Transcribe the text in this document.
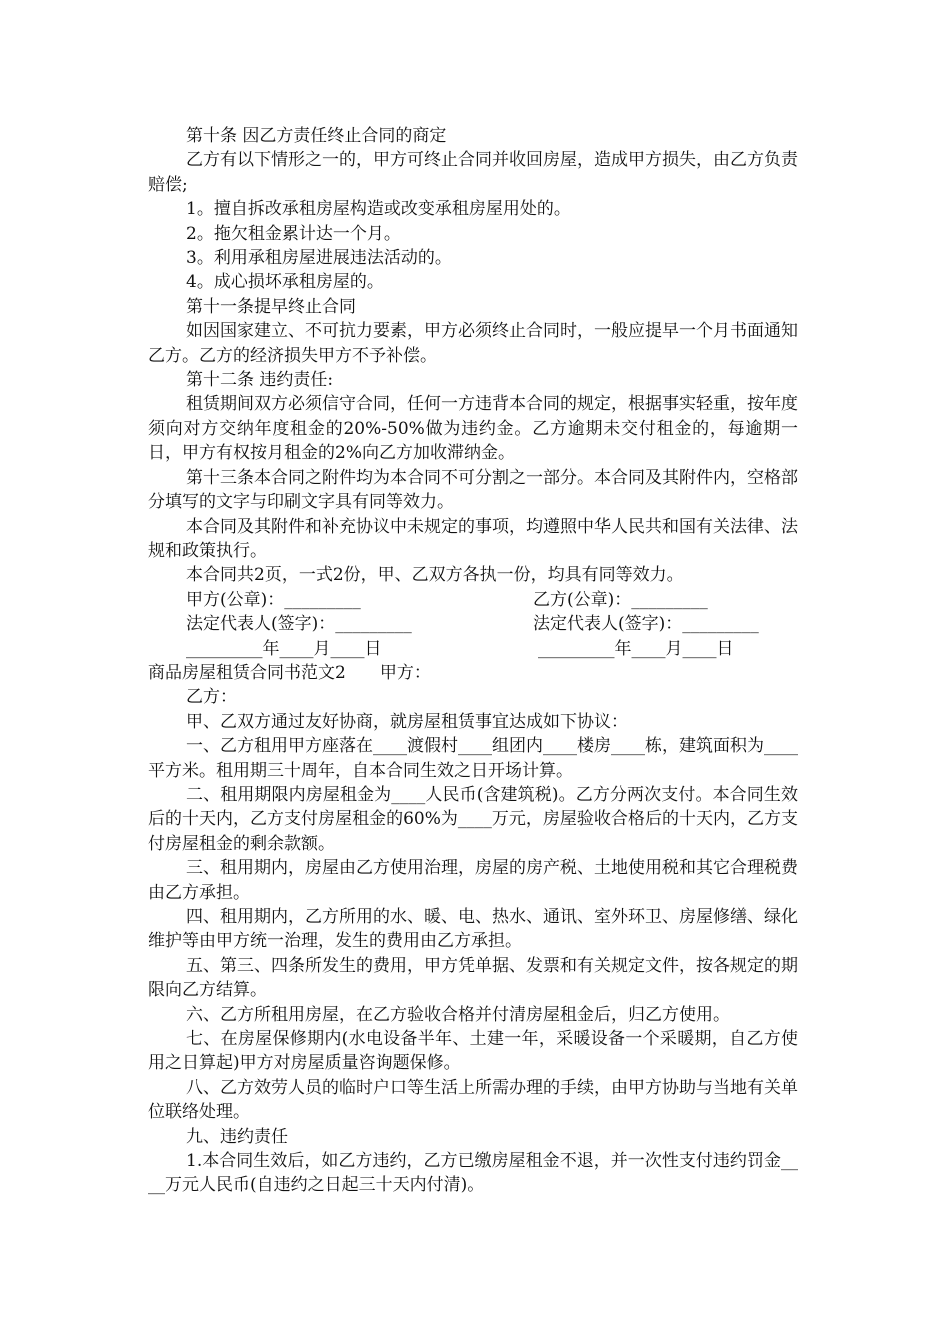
第十条 因乙方责任终止合同的商定

乙方有以下情形之一的，甲方可终止合同并收回房屋，造成甲方损失，由乙方负责赔偿;

1。擅自拆改承租房屋构造或改变承租房屋用处的。

2。拖欠租金累计达一个月。

3。利用承租房屋进展违法活动的。

4。成心损坏承租房屋的。

第十一条提早终止合同

如因国家建立、不可抗力要素，甲方必须终止合同时，一般应提早一个月书面通知乙方。乙方的经济损失甲方不予补偿。

第十二条 违约责任:

租赁期间双方必须信守合同，任何一方违背本合同的规定，根据事实轻重，按年度须向对方交纳年度租金的20%-50%做为违约金。乙方逾期未交付租金的，每逾期一日，甲方有权按月租金的2%向乙方加收滞纳金。

第十三条本合同之附件均为本合同不可分割之一部分。本合同及其附件内，空格部分填写的文字与印刷文字具有同等效力。

本合同及其附件和补充协议中未规定的事项，均遵照中华人民共和国有关法律、法规和政策执行。

本合同共2页，一式2份，甲、乙双方各执一份，均具有同等效力。

甲方(公章)：_________	乙方(公章)：_________
法定代表人(签字)：_________	法定代表人(签字)：_________
_________年____月____日	_________年____月____日

商品房屋租赁合同书范文2　　甲方：

乙方：

甲、乙双方通过友好协商，就房屋租赁事宜达成如下协议：

一、乙方租用甲方座落在____渡假村____组团内____楼房____栋，建筑面积为____平方米。租用期三十周年，自本合同生效之日开场计算。

二、租用期限内房屋租金为____人民币(含建筑税)。乙方分两次支付。本合同生效后的十天内，乙方支付房屋租金的60%为____万元，房屋验收合格后的十天内，乙方支付房屋租金的剩余款额。

三、租用期内，房屋由乙方使用治理，房屋的房产税、土地使用税和其它合理税费由乙方承担。

四、租用期内，乙方所用的水、暖、电、热水、通讯、室外环卫、房屋修缮、绿化维护等由甲方统一治理，发生的费用由乙方承担。

五、第三、四条所发生的费用，甲方凭单据、发票和有关规定文件，按各规定的期限向乙方结算。

六、乙方所租用房屋，在乙方验收合格并付清房屋租金后，归乙方使用。

七、在房屋保修期内(水电设备半年、土建一年，采暖设备一个采暖期，自乙方使用之日算起)甲方对房屋质量咨询题保修。

八、乙方效劳人员的临时户口等生活上所需办理的手续，由甲方协助与当地有关单位联络处理。

九、违约责任

1.本合同生效后，如乙方违约，乙方已缴房屋租金不退，并一次性支付违约罚金____万元人民币(自违约之日起三十天内付清)。
